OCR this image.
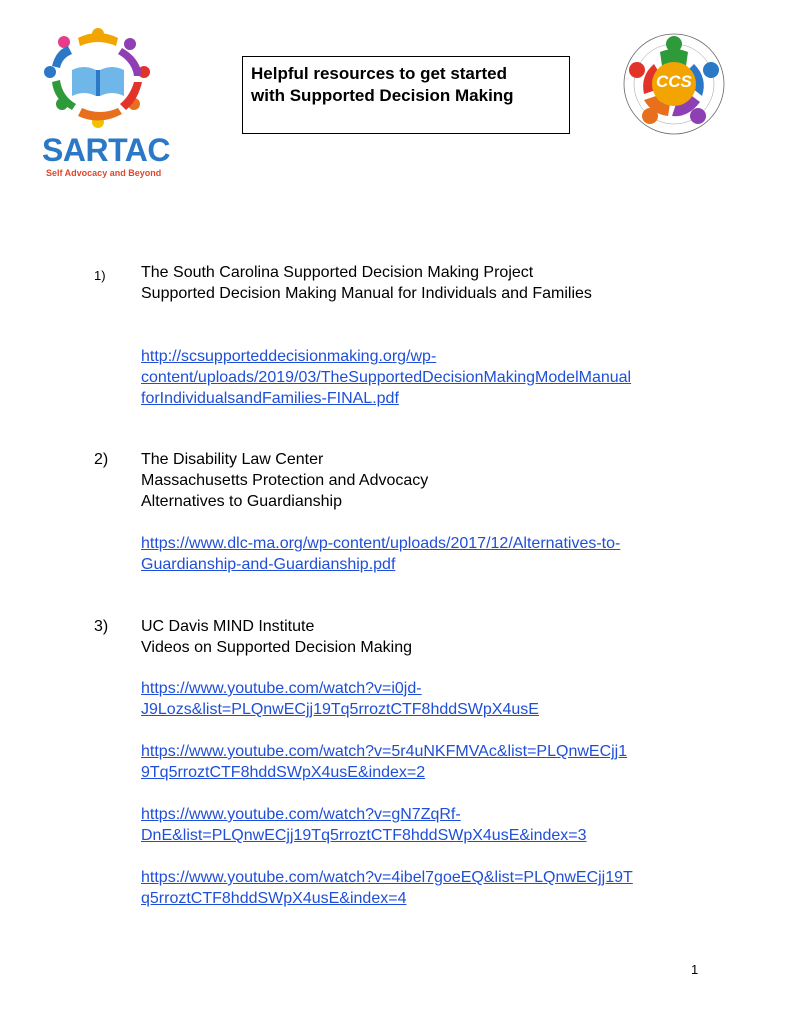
SARTAC
Self Advocacy and Beyond
Helpful resources to get started
with Supported Decision Making
CCS
1) The South Carolina Supported Decision Making Project
Supported Decision Making Manual for Individuals and Families
http://scsupporteddecisionmaking.org/wp-
content/uploads/2019/03/TheSupportedDecisionMakingModelManual
forIndividualsandFamilies-FINAL.pdf
2) The Disability Law Center
Massachusetts Protection and Advocacy
Alternatives to Guardianship
https://www.dlc-ma.org/wp-content/uploads/2017/12/Alternatives-to-
Guardianship-and-Guardianship.pdf
3) UC Davis MIND Institute
Videos on Supported Decision Making
https://www.youtube.com/watch?v=i0jd-
J9Lozs&list=PLQnwECjj19Tq5rroztCTF8hddSWpX4usE
https://www.youtube.com/watch?v=5r4uNKFMVAc&list=PLQnwECjj1
9Tq5rroztCTF8hddSWpX4usE&index=2
https://www.youtube.com/watch?v=gN7ZqRf-
DnE&list=PLQnwECjj19Tq5rroztCTF8hddSWpX4usE&index=3
https://www.youtube.com/watch?v=4ibel7goeEQ&list=PLQnwECjj19T
q5rroztCTF8hddSWpX4usE&index=4
1
